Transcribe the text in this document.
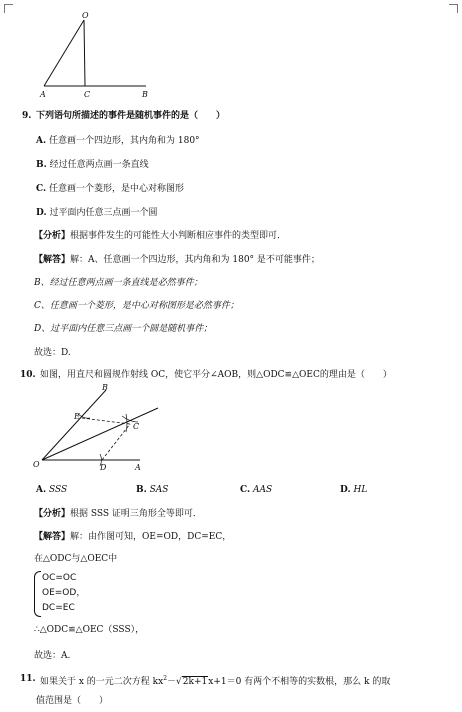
O
A	C	B
9. 下列语句所描述的事件是随机事件的是（　　）
A. 任意画一个四边形，其内角和为 180°
B. 经过任意两点画一条直线
C. 任意画一个菱形，是中心对称图形
D. 过平面内任意三点画一个圆
【分析】根据事件发生的可能性大小判断相应事件的类型即可．
【解答】解：A、任意画一个四边形，其内角和为 180° 是不可能事件；
B、经过任意两点画一条直线是必然事件；
C、任意画一个菱形，是中心对称图形是必然事件；
D、过平面内任意三点画一个圆是随机事件；
故选：D.
10. 如图，用直尺和圆规作射线 OC，使它平分∠AOB，则△ODC≌△OEC的理由是（　　）
B
E
C
O	D	A
A. SSS	B. SAS	C. AAS	D. HL
【分析】根据 SSS 证明三角形全等即可．
【解答】解：由作图可知，OE=OD，DC=EC，
在△ODC与△OEC中
OC=OC
OE=OD，
DC=EC
∴△ODC≌△OEC（SSS），
故选：A.
11. 如果关于 x 的一元二次方程 $kx^2-√2k+1x+1=0$ 有两个不相等的实数根，那么 k 的取
值范围是（　　）
